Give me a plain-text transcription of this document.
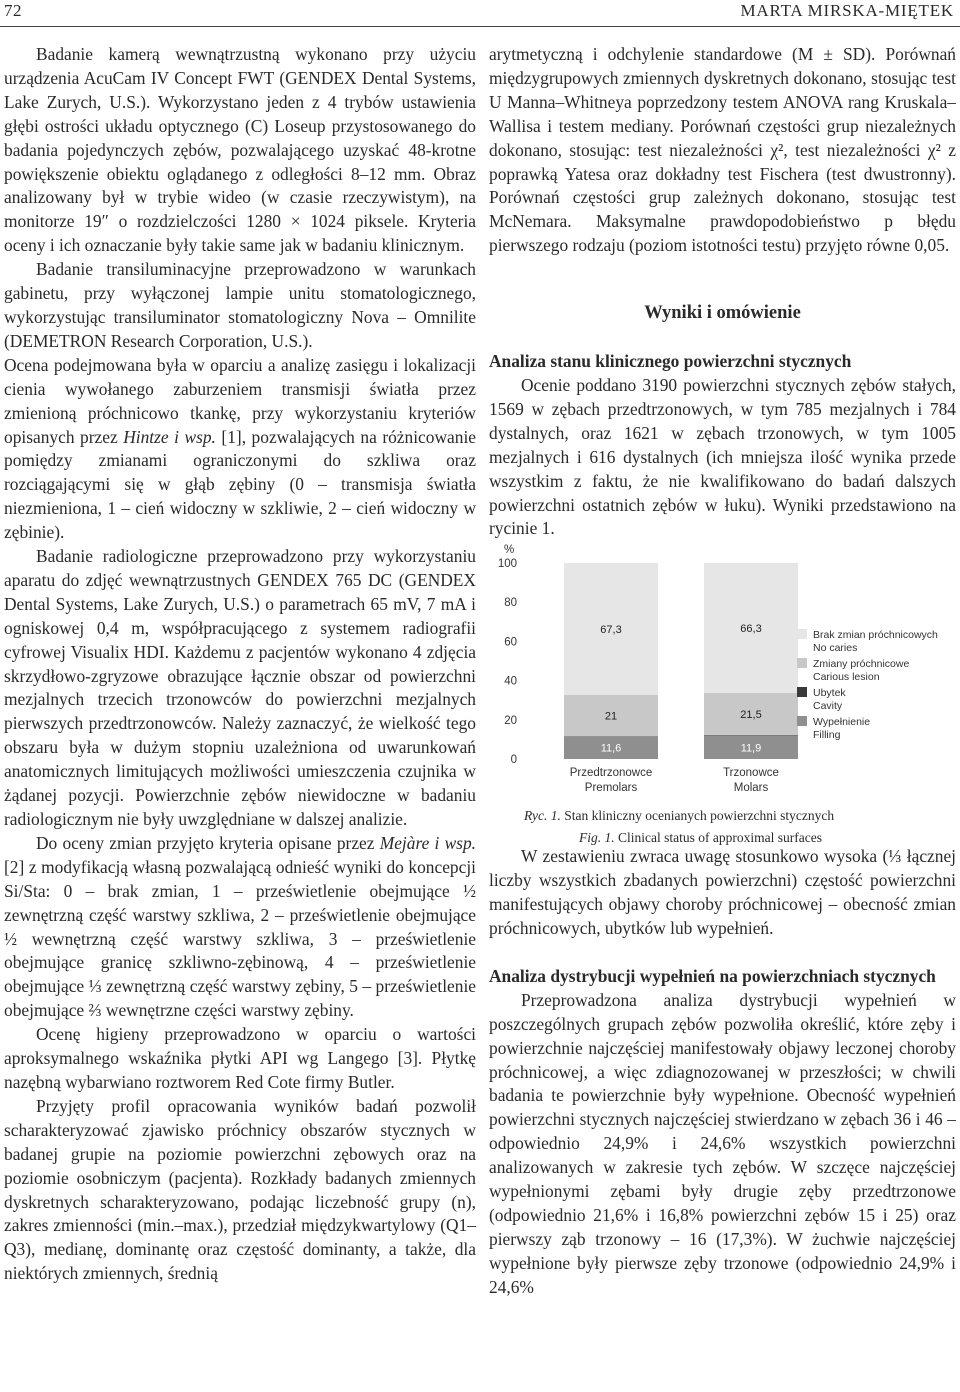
72	MARTA MIRSKA-MIĘTEK

Badanie kamerą wewnątrzustną wykonano przy użyciu urządzenia AcuCam IV Concept FWT (GENDEX Dental Systems, Lake Zurych, U.S.). Wykorzystano jeden z 4 trybów ustawienia głębi ostrości układu optycznego (C) Loseup przystosowanego do badania pojedynczych zębów, pozwalającego uzyskać 48-krotne powiększenie obiektu oglądanego z odległości 8–12 mm. Obraz analizowany był w trybie wideo (w czasie rzeczywistym), na monitorze 19″ o rozdzielczości 1280 × 1024 piksele. Kryteria oceny i ich oznaczanie były takie same jak w badaniu klinicznym.

Badanie transiluminacyjne przeprowadzono w warunkach gabinetu, przy wyłączonej lampie unitu stomatologicznego, wykorzystując transiluminator stomatologiczny Nova – Omnilite (DEMETRON Research Corporation, U.S.).

Ocena podejmowana była w oparciu a analizę zasięgu i lokalizacji cienia wywołanego zaburzeniem transmisji światła przez zmienioną próchnicowo tkankę, przy wykorzystaniu kryteriów opisanych przez Hintze i wsp. [1], pozwalających na różnicowanie pomiędzy zmianami ograniczonymi do szkliwa oraz rozciągającymi się w głąb zębiny (0 – transmisja światła niezmieniona, 1 – cień widoczny w szkliwie, 2 – cień widoczny w zębinie).

Badanie radiologiczne przeprowadzono przy wykorzystaniu aparatu do zdjęć wewnątrzustnych GENDEX 765 DC (GENDEX Dental Systems, Lake Zurych, U.S.) o parametrach 65 mV, 7 mA i ogniskowej 0,4 m, współpracującego z systemem radiografii cyfrowej Visualix HDI. Każdemu z pacjentów wykonano 4 zdjęcia skrzydłowo-zgryzowe obrazujące łącznie obszar od powierzchni mezjalnych trzecich trzonowców do powierzchni mezjalnych pierwszych przedtrzonowców. Należy zaznaczyć, że wielkość tego obszaru była w dużym stopniu uzależniona od uwarunkowań anatomicznych limitujących możliwości umieszczenia czujnika w żądanej pozycji. Powierzchnie zębów niewidoczne w badaniu radiologicznym nie były uwzględniane w dalszej analizie.

Do oceny zmian przyjęto kryteria opisane przez Mejàre i wsp. [2] z modyfikacją własną pozwalającą odnieść wyniki do koncepcji Si/Sta: 0 – brak zmian, 1 – prześwietlenie obejmujące ½ zewnętrzną część warstwy szkliwa, 2 – prześwietlenie obejmujące ½ wewnętrzną część warstwy szkliwa, 3 – prześwietlenie obejmujące granicę szkliwno-zębinową, 4 – prześwietlenie obejmujące ⅓ zewnętrzną część warstwy zębiny, 5 – prześwietlenie obejmujące ⅔ wewnętrzne części warstwy zębiny.

Ocenę higieny przeprowadzono w oparciu o wartości aproksymalnego wskaźnika płytki API wg Langego [3]. Płytkę nazębną wybarwiano roztworem Red Cote firmy Butler.

Przyjęty profil opracowania wyników badań pozwolił scharakteryzować zjawisko próchnicy obszarów stycznych w badanej grupie na poziomie powierzchni zębowych oraz na poziomie osobniczym (pacjenta). Rozkłady badanych zmiennych dyskretnych scharakteryzowano, podając liczebność grupy (n), zakres zmienności (min.–max.), przedział międzykwartylowy (Q1–Q3), medianę, dominantę oraz częstość dominanty, a także, dla niektórych zmiennych, średnią

arytmetyczną i odchylenie standardowe (M ± SD). Porównań międzygrupowych zmiennych dyskretnych dokonano, stosując test U Manna–Whitneya poprzedzony testem ANOVA rang Kruskala–Wallisa i testem mediany. Porównań częstości grup niezależnych dokonano, stosując: test niezależności χ², test niezależności χ² z poprawką Yatesa oraz dokładny test Fischera (test dwustronny). Porównań częstości grup zależnych dokonano, stosując test McNemara. Maksymalne prawdopodobieństwo p błędu pierwszego rodzaju (poziom istotności testu) przyjęto równe 0,05.

Wyniki i omówienie
Analiza stanu klinicznego powierzchni stycznych

Ocenie poddano 3190 powierzchni stycznych zębów stałych, 1569 w zębach przedtrzonowych, w tym 785 mezjalnych i 784 dystalnych, oraz 1621 w zębach trzonowych, w tym 1005 mezjalnych i 616 dystalnych (ich mniejsza ilość wynika przede wszystkim z faktu, że nie kwalifikowano do badań dalszych powierzchni ostatnich zębów w łuku). Wyniki przedstawiono na rycinie 1.

%
0
20
40
60
80
100
11,6
21
67,3
Przedtrzonowce
Premolars
11,9
21,5
66,3
Trzonowce
Molars
Brak zmian próchnicowych
No caries
Zmiany próchnicowe
Carious lesion
Ubytek
Cavity
Wypełnienie
Filling
Ryc. 1. Stan kliniczny ocenianych powierzchni stycznych
Fig. 1. Clinical status of approximal surfaces

W zestawieniu zwraca uwagę stosunkowo wysoka (⅓ łącznej liczby wszystkich zbadanych powierzchni) częstość powierzchni manifestujących objawy choroby próchnicowej – obecność zmian próchnicowych, ubytków lub wypełnień.

Analiza dystrybucji wypełnień na powierzchniach stycznych

Przeprowadzona analiza dystrybucji wypełnień w poszczególnych grupach zębów pozwoliła określić, które zęby i powierzchnie najczęściej manifestowały objawy leczonej choroby próchnicowej, a więc zdiagnozowanej w przeszłości; w chwili badania te powierzchnie były wypełnione. Obecność wypełnień powierzchni stycznych najczęściej stwierdzano w zębach 36 i 46 – odpowiednio 24,9% i 24,6% wszystkich powierzchni analizowanych w zakresie tych zębów. W szczęce najczęściej wypełnionymi zębami były drugie zęby przedtrzonowe (odpowiednio 21,6% i 16,8% powierzchni zębów 15 i 25) oraz pierwszy ząb trzonowy – 16 (17,3%). W żuchwie najczęściej wypełnione były pierwsze zęby trzonowe (odpowiednio 24,9% i 24,6%
